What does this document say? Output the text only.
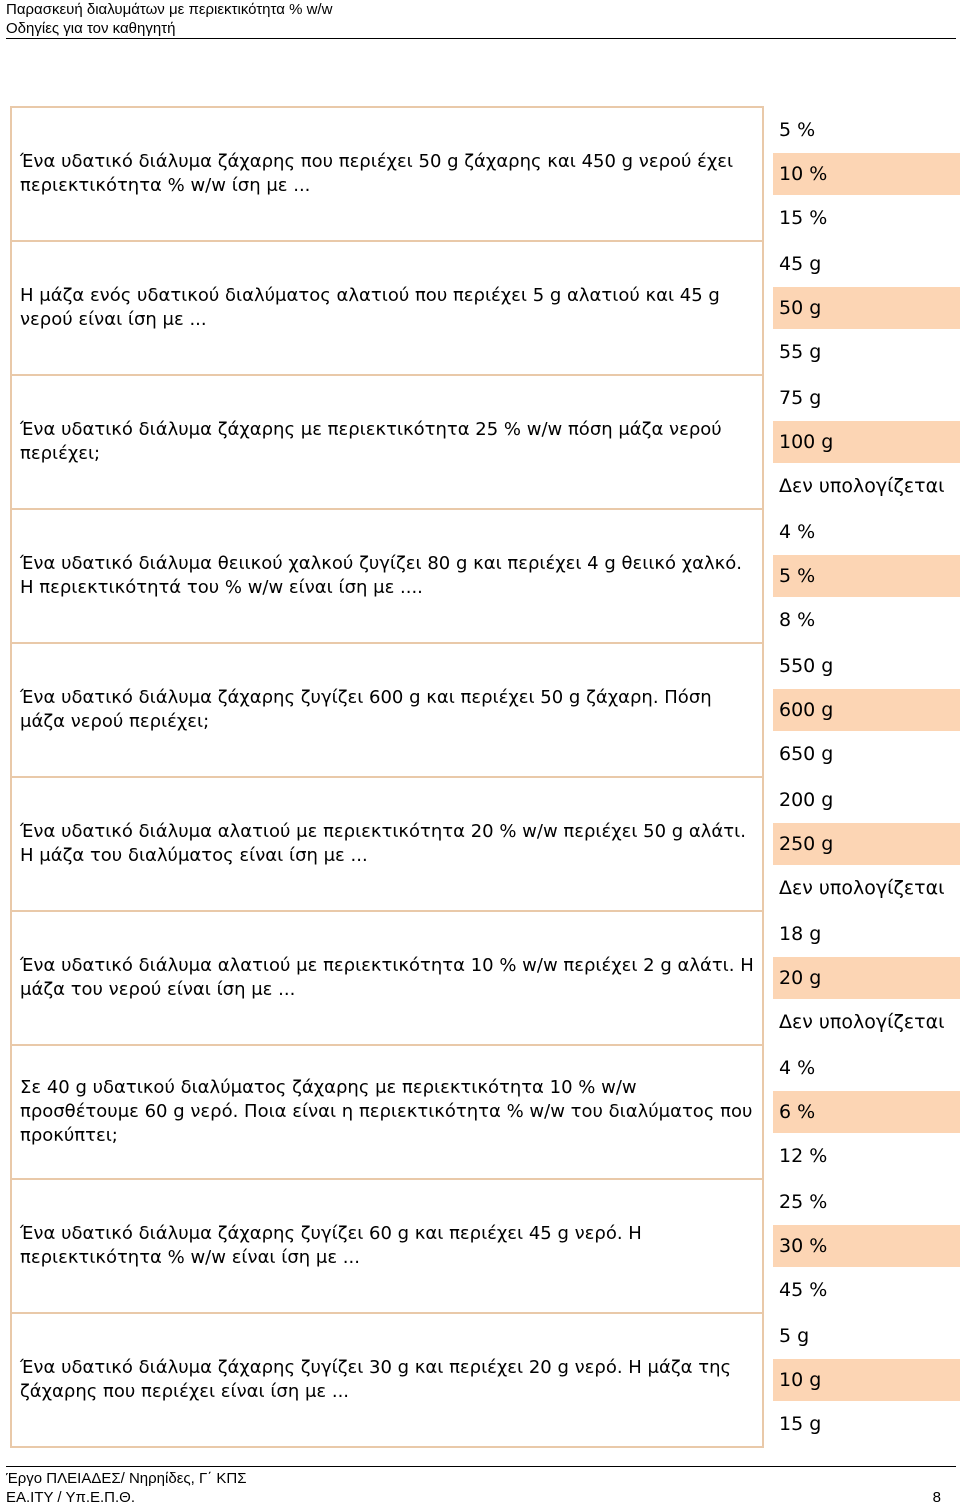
Παρασκευή διαλυμάτων με περιεκτικότητα % w/w
Οδηγίες για τον καθηγητή
Ένα υδατικό διάλυμα ζάχαρης που περιέχει 50 g ζάχαρης και 450 g νερού έχει περιεκτικότητα % w/w ίση με ...		5 %
10 %
15 %

Η μάζα ενός υδατικού διαλύματος αλατιού που περιέχει 5 g αλατιού και 45 g νερού είναι ίση με ...		45 g
50 g
55 g

Ένα υδατικό διάλυμα ζάχαρης με περιεκτικότητα 25 % w/w πόση μάζα νερού περιέχει;		75 g
100 g
Δεν υπολογίζεται

Ένα υδατικό διάλυμα θειικού χαλκού ζυγίζει 80 g και περιέχει 4 g θειικό χαλκό. Η περιεκτικότητά του % w/w είναι ίση με ....		4 %
5 %
8 %

Ένα υδατικό διάλυμα ζάχαρης ζυγίζει 600 g και περιέχει 50 g ζάχαρη. Πόση μάζα νερού περιέχει;		550 g
600 g
650 g

Ένα υδατικό διάλυμα αλατιού με περιεκτικότητα 20 % w/w περιέχει 50 g αλάτι. Η μάζα του διαλύματος είναι ίση με ...		200 g
250 g
Δεν υπολογίζεται

Ένα υδατικό διάλυμα αλατιού με περιεκτικότητα 10 % w/w περιέχει 2 g αλάτι. Η μάζα του νερού είναι ίση με ...		18 g
20 g
Δεν υπολογίζεται

Σε 40 g υδατικού διαλύματος ζάχαρης με περιεκτικότητα 10 % w/w προσθέτουμε 60 g νερό. Ποια είναι η περιεκτικότητα % w/w του διαλύματος που προκύπτει;		4 %
6 %
12 %

Ένα υδατικό διάλυμα ζάχαρης ζυγίζει 60 g και περιέχει 45 g νερό. Η περιεκτικότητα % w/w είναι ίση με ...		25 %
30 %
45 %

Ένα υδατικό διάλυμα ζάχαρης ζυγίζει 30 g και περιέχει 20 g νερό. Η μάζα της ζάχαρης που περιέχει είναι ίση με ...		5 g
10 g
15 g
Έργο ΠΛΕΙΑΔΕΣ/ Νηρηίδες, Γ΄ ΚΠΣ
ΕΑ.ΙΤΥ / Υπ.Ε.Π.Θ.	8
